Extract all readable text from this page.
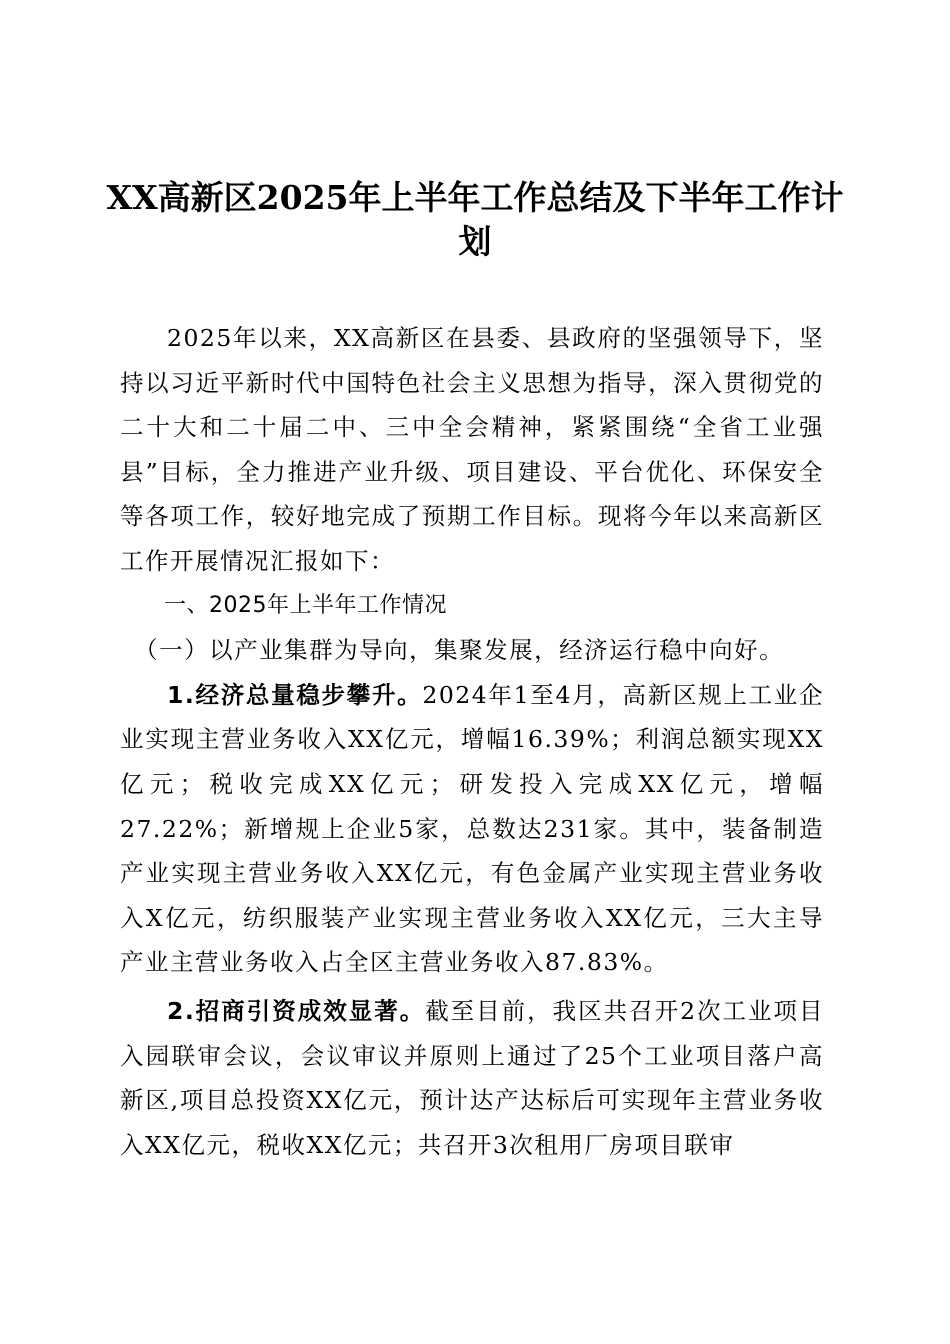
XX高新区2025年上半年工作总结及下半年工作计划

2025年以来，XX高新区在县委、县政府的坚强领导下，坚持以习近平新时代中国特色社会主义思想为指导，深入贯彻党的二十大和二十届二中、三中全会精神，紧紧围绕“全省工业强县”目标，全力推进产业升级、项目建设、平台优化、环保安全等各项工作，较好地完成了预期工作目标。现将今年以来高新区工作开展情况汇报如下：

一、2025年上半年工作情况

（一）以产业集群为导向，集聚发展，经济运行稳中向好。

1.经济总量稳步攀升。2024年1至4月，高新区规上工业企业实现主营业务收入XX亿元，增幅16.39%；利润总额实现XX亿元；税收完成XX亿元；研发投入完成XX亿元，增幅27.22%；新增规上企业5家，总数达231家。其中，装备制造产业实现主营业务收入XX亿元，有色金属产业实现主营业务收入X亿元，纺织服装产业实现主营业务收入XX亿元，三大主导产业主营业务收入占全区主营业务收入87.83%。

2.招商引资成效显著。截至目前，我区共召开2次工业项目入园联审会议，会议审议并原则上通过了25个工业项目落户高新区,项目总投资XX亿元，预计达产达标后可实现年主营业务收入XX亿元，税收XX亿元；共召开3次租用厂房项目联审
